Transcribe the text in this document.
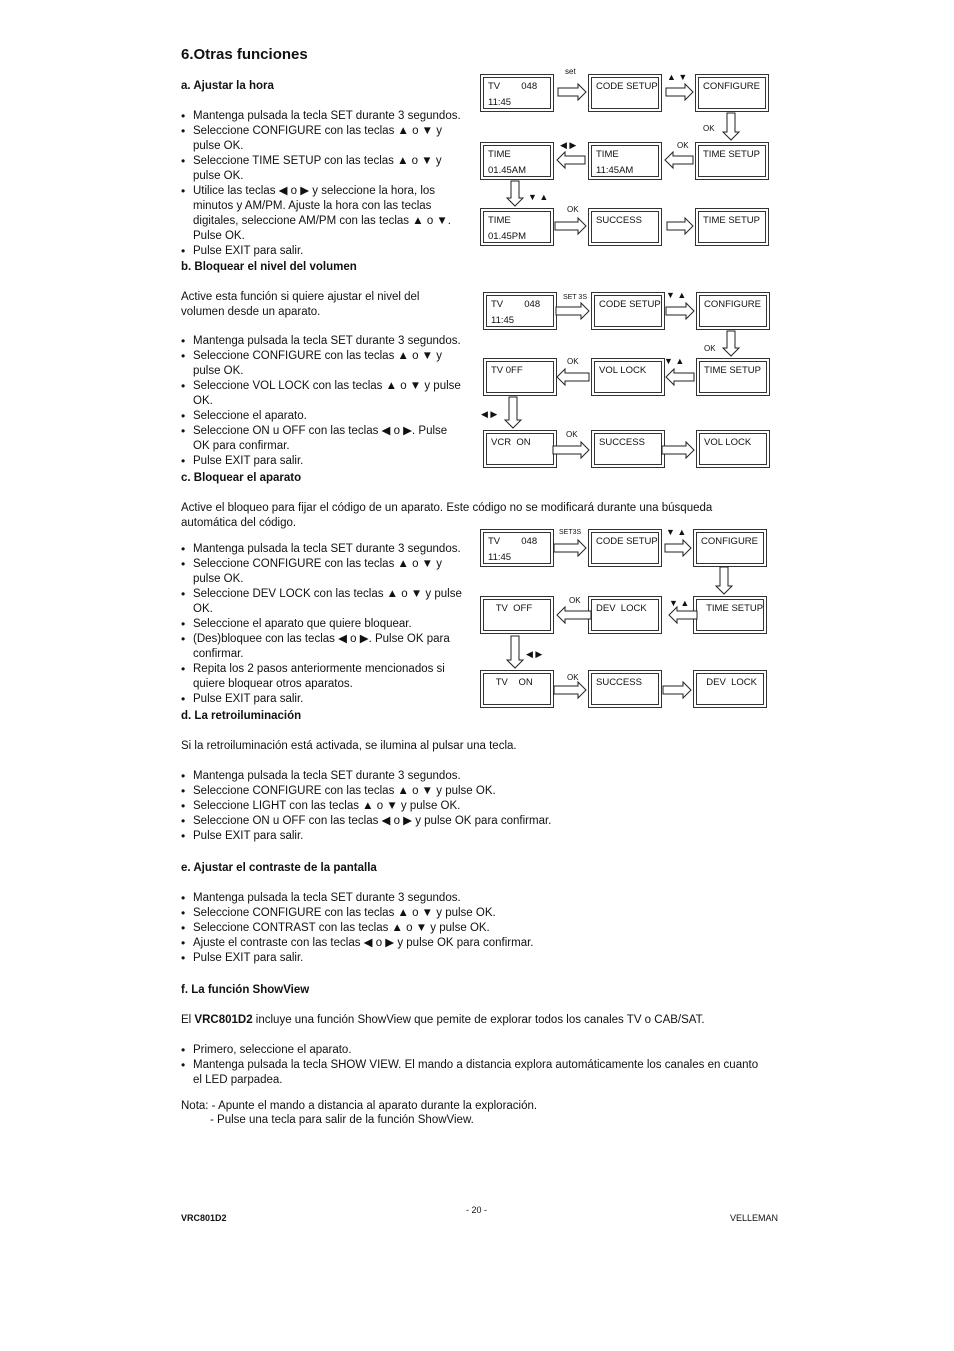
6.Otras funciones
a. Ajustar la hora
• Mantenga pulsada la tecla SET durante 3 segundos.
• Seleccione CONFIGURE con las teclas ▲ o ▼ y pulse OK.
• Seleccione TIME SETUP con las teclas ▲ o ▼ y pulse OK.
• Utilice las teclas ◀ o ▶ y seleccione la hora, los minutos y AM/PM. Ajuste la hora con las teclas digitales, seleccione AM/PM con las teclas ▲ o ▼. Pulse OK.
• Pulse EXIT para salir.
b. Bloquear el nivel del volumen
Active esta función si quiere ajustar el nivel del volumen desde un aparato.
• Mantenga pulsada la tecla SET durante 3 segundos.
• Seleccione CONFIGURE con las teclas ▲ o ▼ y pulse OK.
• Seleccione VOL LOCK con las teclas ▲ o ▼ y pulse OK.
• Seleccione el aparato.
• Seleccione ON u OFF con las teclas ◀ o ▶. Pulse OK para confirmar.
• Pulse EXIT para salir.
c. Bloquear el aparato
Active el bloqueo para fijar el código de un aparato. Este código no se modificará durante una búsqueda automática del código.
• Mantenga pulsada la tecla SET durante 3 segundos.
• Seleccione CONFIGURE con las teclas ▲ o ▼ y pulse OK.
• Seleccione DEV LOCK con las teclas ▲ o ▼ y pulse OK.
• Seleccione el aparato que quiere bloquear.
• (Des)bloquee con las teclas ◀ o ▶. Pulse OK para confirmar.
• Repita los 2 pasos anteriormente mencionados si quiere bloquear otros aparatos.
• Pulse EXIT para salir.
d. La retroiluminación
Si la retroiluminación está activada, se ilumina al pulsar una tecla.
• Mantenga pulsada la tecla SET durante 3 segundos.
• Seleccione CONFIGURE con las teclas ▲ o ▼ y pulse OK.
• Seleccione LIGHT con las teclas ▲ o ▼ y pulse OK.
• Seleccione ON u OFF con las teclas ◀ o ▶ y pulse OK para confirmar.
• Pulse EXIT para salir.
e. Ajustar el contraste de la pantalla
• Mantenga pulsada la tecla SET durante 3 segundos.
• Seleccione CONFIGURE con las teclas ▲ o ▼ y pulse OK.
• Seleccione CONTRAST con las teclas ▲ o ▼ y pulse OK.
• Ajuste el contraste con las teclas ◀ o ▶ y pulse OK para confirmar.
• Pulse EXIT para salir.
f. La función ShowView
El VRC801D2 incluye una función ShowView que pemite de explorar todos los canales TV o CAB/SAT.
• Primero, seleccione el aparato.
• Mantenga pulsada la tecla SHOW VIEW. El mando a distancia explora automáticamente los canales en cuanto el LED parpadea.
Nota: - Apunte el mando a distancia al aparato durante la exploración.
- Pulse una tecla para salir de la función ShowView.
VRC801D2
- 20 -
VELLEMAN
TV        048
11:45
CODE SETUP	CONFIGURE
TIME
01.45AM
TIME
11:45AM
TIME SETUP
TIME
01.45PM
SUCCESS	TIME SETUP
TV        048
11:45
CODE SETUP	CONFIGURE
TV 0FF	VOL LOCK	TIME SETUP
VCR  ON	SUCCESS	VOL LOCK
TV        048
11:45
CODE SETUP	CONFIGURE
TV  OFF	DEV  LOCK	TIME SETUP
TV    ON	SUCCESS	DEV  LOCK
set
▲ ▼
OK
OK
◀ ▶
▼ ▲
OK
SET 3S	▼ ▲
OK
OK	▼ ▲
◀ ▶
OK
SET3S	▼ ▲
OK	▼ ▲
◀ ▶
OK
